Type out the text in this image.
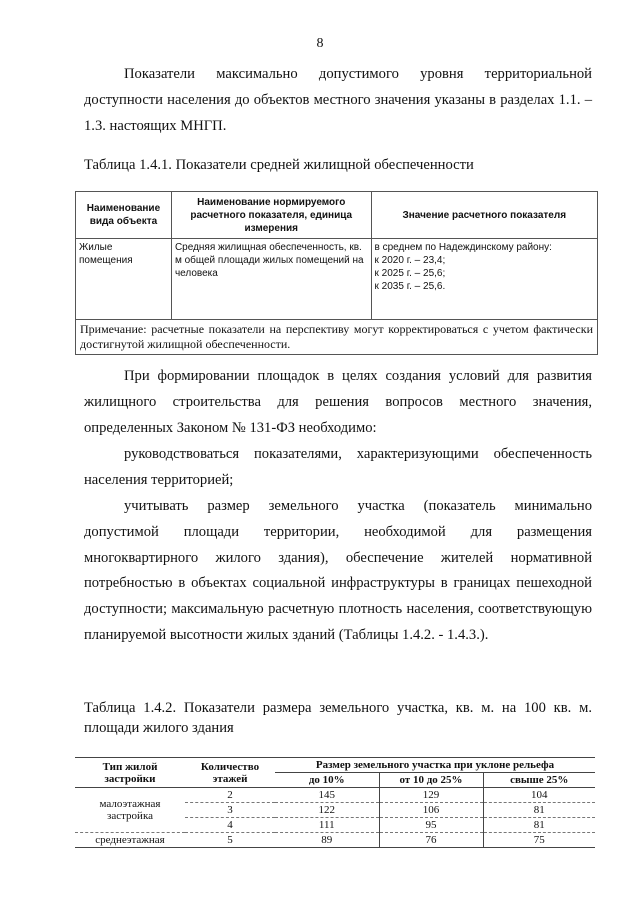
8

Показатели максимально допустимого уровня территориальной доступности населения до объектов местного значения указаны в разделах 1.1. – 1.3. настоящих МНГП.

Таблица 1.4.1. Показатели средней жилищной обеспеченности

Наименование вида объекта	Наименование нормируемого расчетного показателя, единица измерения	Значение расчетного показателя
Жилые помещения	Средняя жилищная обеспеченность, кв. м общей площади жилых помещений на человека	в среднем по Надеждинскому району:
к 2020 г. – 23,4;
к 2025 г. – 25,6;
к 2035 г. – 25,6.

Примечание: расчетные показатели на перспективу могут корректироваться с учетом фактически достигнутой жилищной обеспеченности.		

При формировании площадок в целях создания условий для развития жилищного строительства для решения вопросов местного значения, определенных Законом № 131-ФЗ необходимо:

руководствоваться показателями, характеризующими обеспеченность населения территорией;

учитывать размер земельного участка (показатель минимально допустимой площади территории, необходимой для размещения многоквартирного жилого здания), обеспечение жителей нормативной потребностью в объектах социальной инфраструктуры в границах пешеходной доступности; максимальную расчетную плотность населения, соответствующую планируемой высотности жилых зданий (Таблицы 1.4.2. - 1.4.3.).

Таблица 1.4.2. Показатели размера земельного участка, кв. м. на 100 кв. м. площади жилого здания

Тип жилой застройки	Количество этажей	Размер земельного участка при уклоне рельефа		
		до 10%	от 10 до 25%	свыше 25%
малоэтажная застройка	2	145	129	104
	3	122	106	81
	4	111	95	81
среднеэтажная	5	89	76	75
